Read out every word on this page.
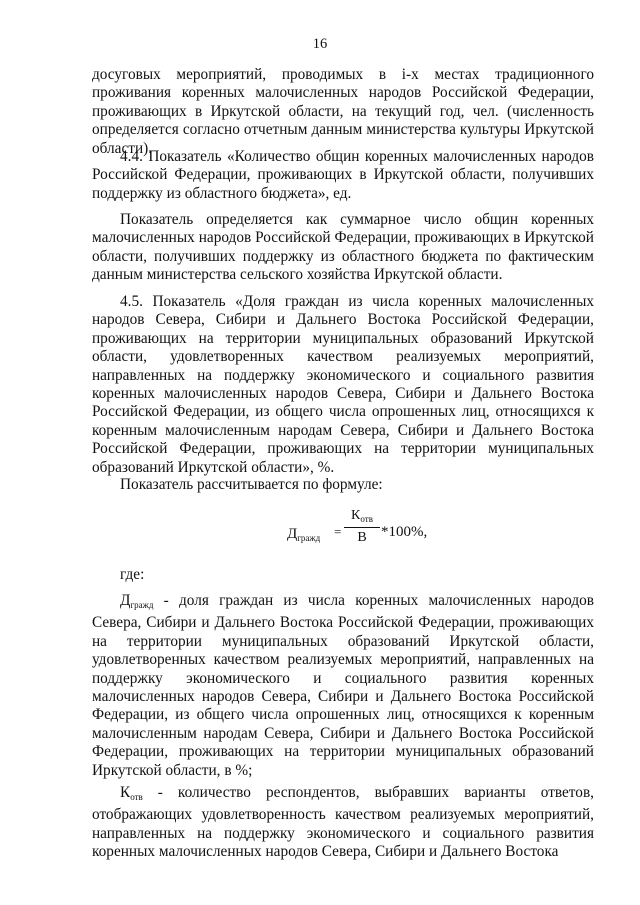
16

досуговых мероприятий, проводимых в i-х местах традиционного проживания коренных малочисленных народов Российской Федерации, проживающих в Иркутской области, на текущий год, чел. (численность определяется согласно отчетным данным министерства культуры Иркутской области).

4.4. Показатель «Количество общин коренных малочисленных народов Российской Федерации, проживающих в Иркутской области, получивших поддержку из областного бюджета», ед.

Показатель определяется как суммарное число общин коренных малочисленных народов Российской Федерации, проживающих в Иркутской области, получивших поддержку из областного бюджета по фактическим данным министерства сельского хозяйства Иркутской области.

4.5. Показатель «Доля граждан из числа коренных малочисленных народов Севера, Сибири и Дальнего Востока Российской Федерации, проживающих на территории муниципальных образований Иркутской области, удовлетворенных качеством реализуемых мероприятий, направленных на поддержку экономического и социального развития коренных малочисленных народов Севера, Сибири и Дальнего Востока Российской Федерации, из общего числа опрошенных лиц, относящихся к коренным малочисленным народам Севера, Сибири и Дальнего Востока Российской Федерации, проживающих на территории муниципальных образований Иркутской области», %.

Показатель рассчитывается по формуле:

$Д_{гражд}$ =
$К_{отв}$
В *100%,

где:

$Д_{гражд}$ - доля граждан из числа коренных малочисленных народов Севера, Сибири и Дальнего Востока Российской Федерации, проживающих на территории муниципальных образований Иркутской области, удовлетворенных качеством реализуемых мероприятий, направленных на поддержку экономического и социального развития коренных малочисленных народов Севера, Сибири и Дальнего Востока Российской Федерации, из общего числа опрошенных лиц, относящихся к коренным малочисленным народам Севера, Сибири и Дальнего Востока Российской Федерации, проживающих на территории муниципальных образований Иркутской области, в %;

$К_{отв}$ - количество респондентов, выбравших варианты ответов, отображающих удовлетворенность качеством реализуемых мероприятий, направленных на поддержку экономического и социального развития коренных малочисленных народов Севера, Сибири и Дальнего Востока
